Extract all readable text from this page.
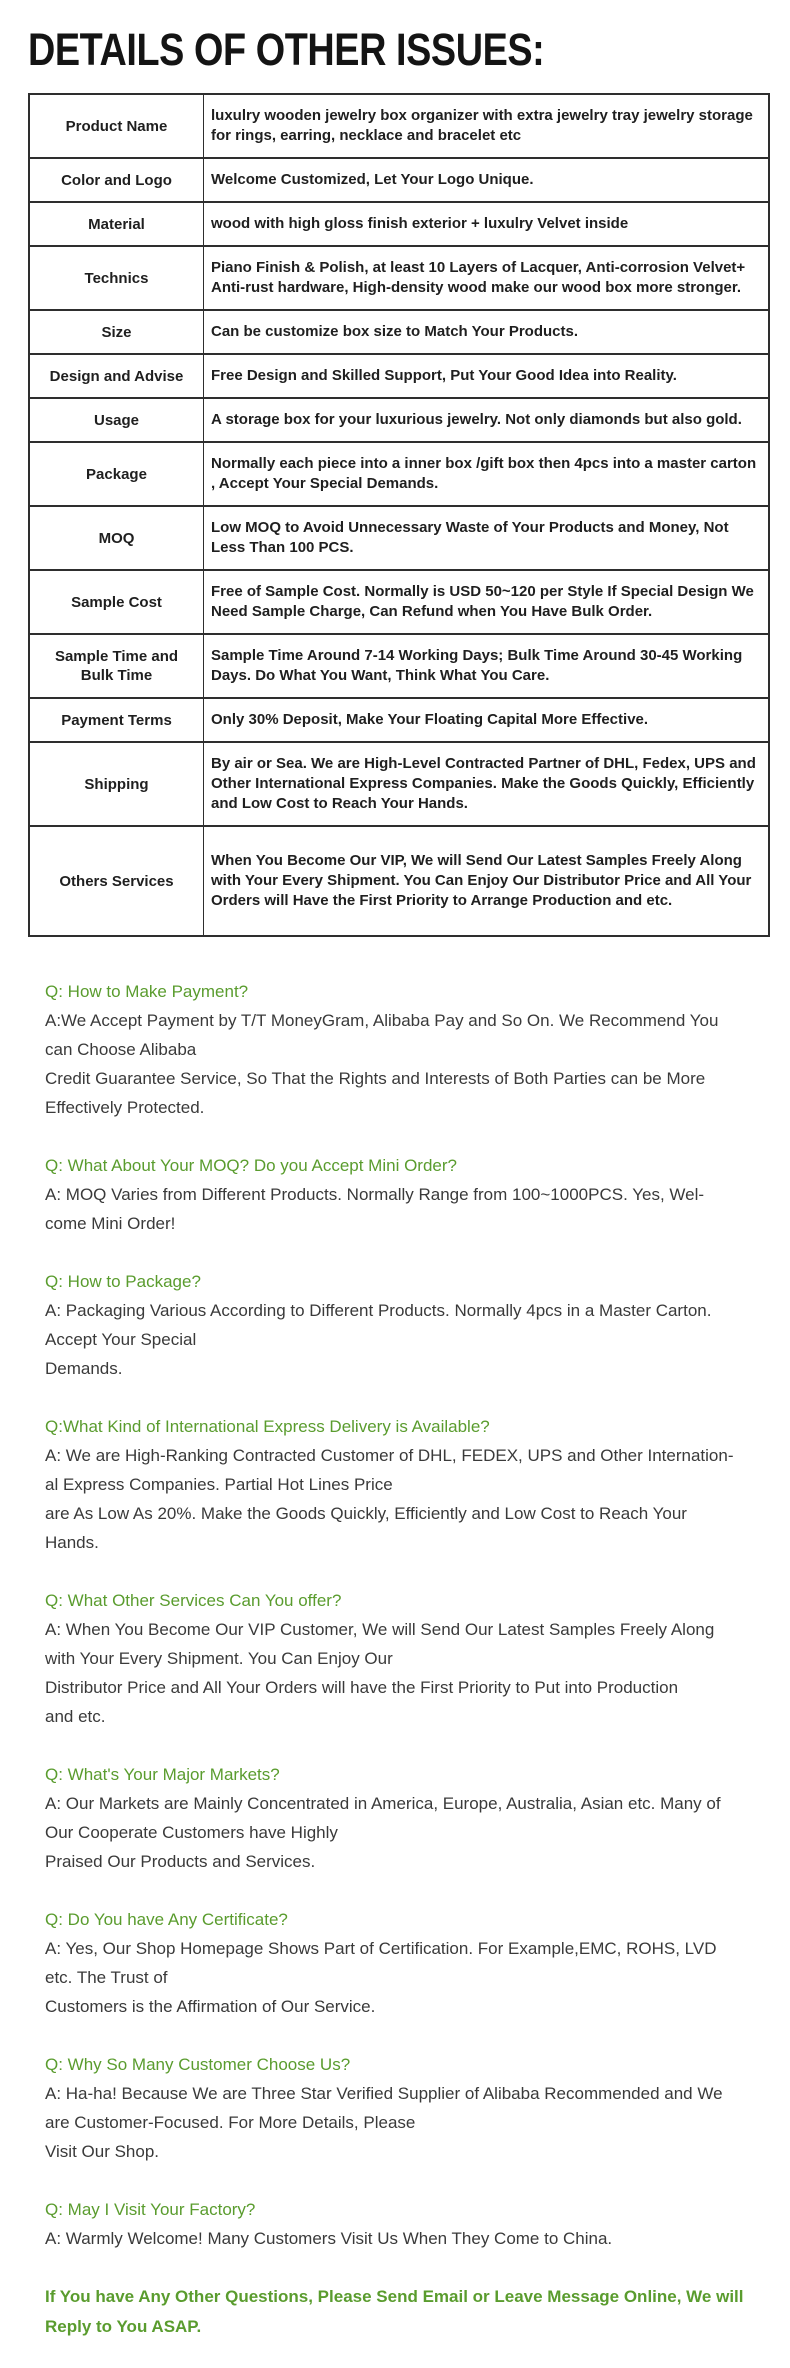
DETAILS OF OTHER ISSUES:
Product Name	luxulry wooden jewelry box organizer with extra jewelry tray jewelry storage for rings, earring, necklace and bracelet etc
Color and Logo	Welcome Customized, Let Your Logo Unique.
Material	wood with high gloss finish exterior + luxulry Velvet inside
Technics	Piano Finish & Polish, at least 10 Layers of Lacquer, Anti-corrosion Velvet+ Anti-rust hardware, High-density wood make our wood box more stronger.
Size	Can be customize box size to Match Your Products.
Design and Advise	Free Design and Skilled Support, Put Your Good Idea into Reality.
Usage	A storage box for your luxurious jewelry. Not only diamonds but also gold.
Package	Normally each piece into a inner box /gift box then 4pcs into a master carton , Accept Your Special Demands.
MOQ	Low MOQ to Avoid Unnecessary Waste of Your Products and Money, Not Less Than 100 PCS.
Sample Cost	Free of Sample Cost. Normally is USD 50~120 per Style If Special Design We Need Sample Charge, Can Refund when You Have Bulk Order.
Sample Time and Bulk Time	Sample Time Around 7-14 Working Days; Bulk Time Around 30-45 Working Days. Do What You Want, Think What You Care.
Payment Terms	Only 30% Deposit, Make Your Floating Capital More Effective.
Shipping	By air or Sea. We are High-Level Contracted Partner of DHL, Fedex, UPS and Other International Express Companies. Make the Goods Quickly, Efficiently and Low Cost to Reach Your Hands.
Others Services	When You Become Our VIP, We will Send Our Latest Samples Freely Along with Your Every Shipment. You Can Enjoy Our Distributor Price and All Your Orders will Have the First Priority to Arrange Production and etc.
Q: How to Make Payment?
A:We Accept Payment by T/T MoneyGram, Alibaba Pay and So On. We Recommend You
can Choose Alibaba
Credit Guarantee Service, So That the Rights and Interests of Both Parties can be More
Effectively Protected.
Q: What About Your MOQ? Do you Accept Mini Order?
A: MOQ Varies from Different Products. Normally Range from 100~1000PCS. Yes, Wel-
come Mini Order!
Q: How to Package?
A: Packaging Various According to Different Products. Normally 4pcs in a Master Carton.
Accept Your Special
Demands.
Q:What Kind of International Express Delivery is Available?
A: We are High-Ranking Contracted Customer of DHL, FEDEX, UPS and Other Internation-
al Express Companies. Partial Hot Lines Price
are As Low As 20%. Make the Goods Quickly, Efficiently and Low Cost to Reach Your
Hands.
Q: What Other Services Can You offer?
A: When You Become Our VIP Customer, We will Send Our Latest Samples Freely Along
with Your Every Shipment. You Can Enjoy Our
Distributor Price and All Your Orders will have the First Priority to Put into Production
and etc.
Q: What's Your Major Markets?
A: Our Markets are Mainly Concentrated in America, Europe, Australia, Asian etc. Many of
Our Cooperate Customers have Highly
Praised Our Products and Services.
Q: Do You have Any Certificate?
A: Yes, Our Shop Homepage Shows Part of Certification. For Example,EMC, ROHS, LVD
etc. The Trust of
Customers is the Affirmation of Our Service.
Q: Why So Many Customer Choose Us?
A: Ha-ha! Because We are Three Star Verified Supplier of Alibaba Recommended and We
are Customer-Focused. For More Details, Please
Visit Our Shop.
Q: May I Visit Your Factory?
A: Warmly Welcome! Many Customers Visit Us When They Come to China.
If You have Any Other Questions, Please Send Email or Leave Message Online, We will
Reply to You ASAP.
